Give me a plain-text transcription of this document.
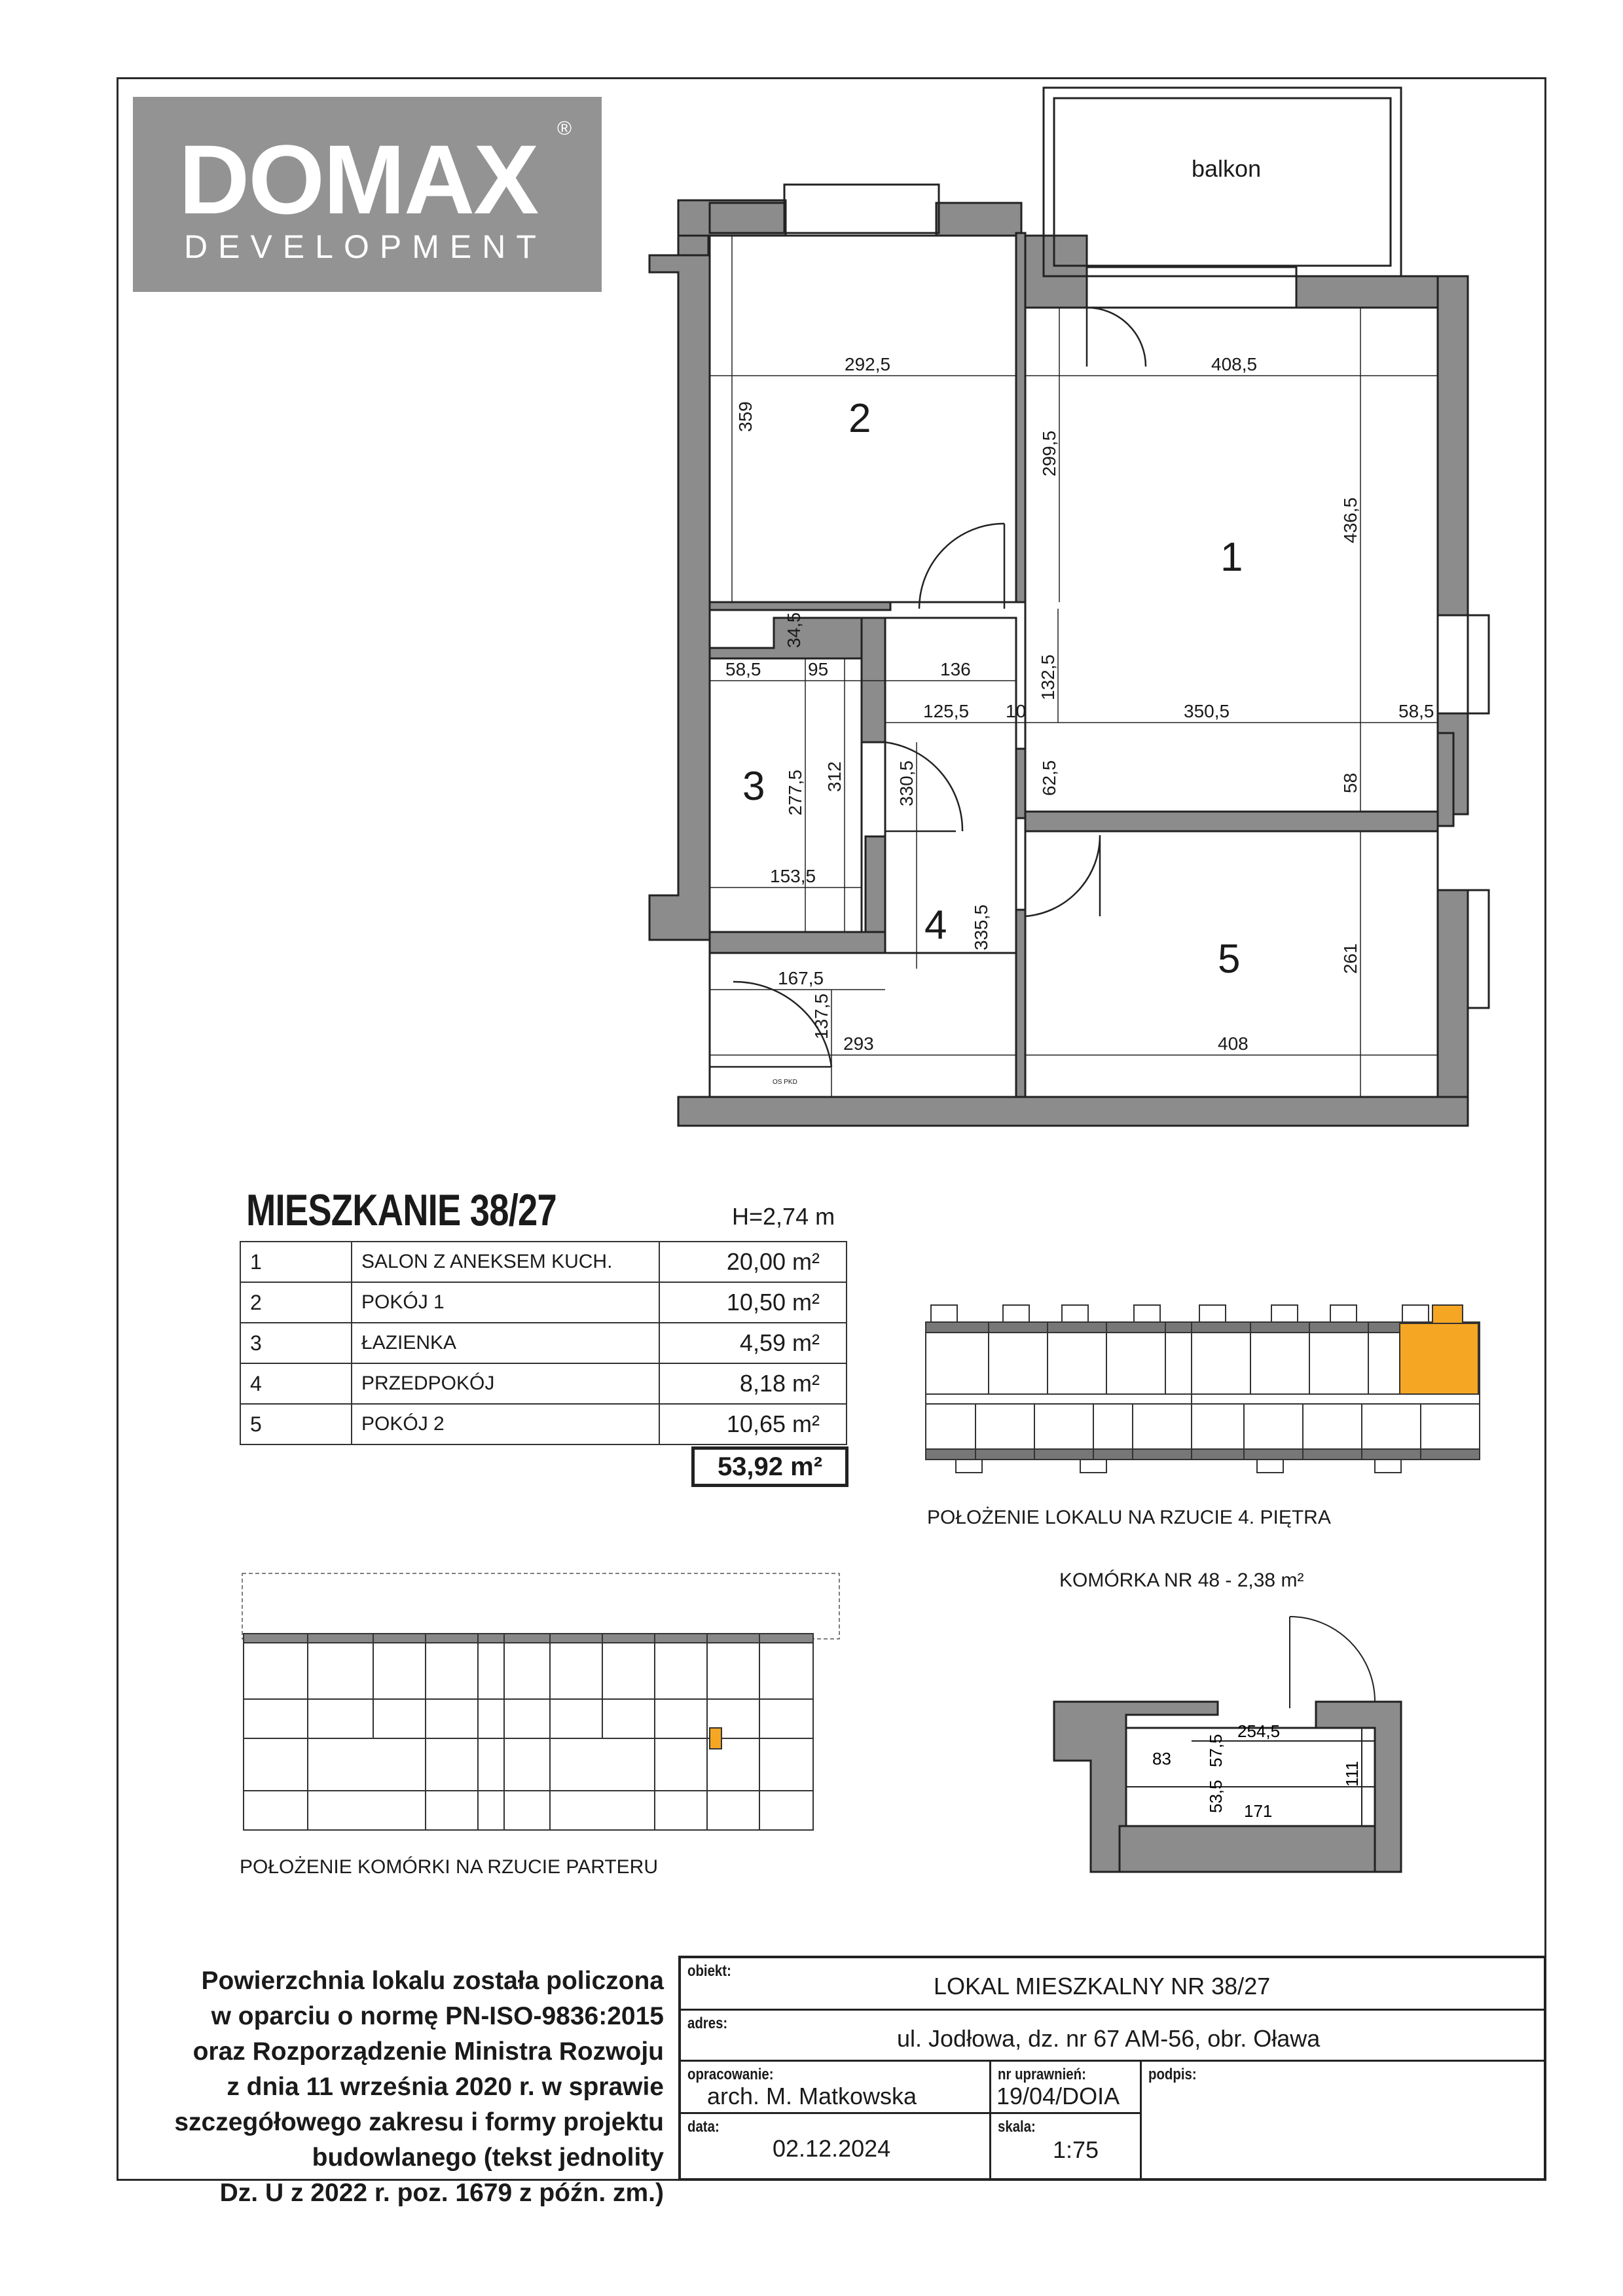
DOMAX ®
DEVELOPMENT
balkon
2
1
3
4
5
292,5	408,5
359
299,5
436,5
34,5
58,5	95	136	132,5
125,5 10	350,5	58,5
277,5 312	330,5	62,5	58
153,5
335,5
167,5
137,5
293	408
261
OS PKD
MIESZKANIE 38/27	H=2,74 m
1	SALON Z ANEKSEM KUCH.	20,00 m²
2	POKÓJ 1	10,50 m²
3	ŁAZIENKA	4,59 m²
4	PRZEDPOKÓJ	8,18 m²
5	POKÓJ 2	10,65 m²
53,92 m²
POŁOŻENIE LOKALU NA RZUCIE 4. PIĘTRA
POŁOŻENIE KOMÓRKI NA RZUCIE PARTERU
KOMÓRKA NR 48 - 2,38 m²
254,5
83 57,5
111
53,5 171
Powierzchnia lokalu została policzona
w oparciu o normę PN-ISO-9836:2015
oraz Rozporządzenie Ministra Rozwoju
z dnia 11 września 2020 r. w sprawie
szczegółowego zakresu i formy projektu
budowlanego (tekst jednolity
Dz. U z 2022 r. poz. 1679 z późn. zm.)
obiekt:
LOKAL MIESZKALNY NR 38/27
adres:
ul. Jodłowa, dz. nr 67 AM-56, obr. Oława
opracowanie:
arch. M. Matkowska
nr uprawnień:
19/04/DOIA
podpis:
data:
02.12.2024
skala:
1:75
